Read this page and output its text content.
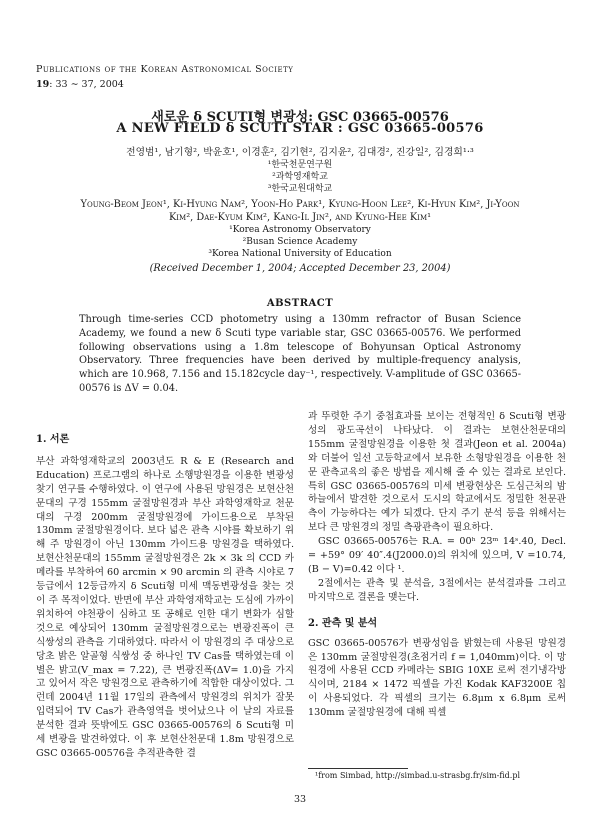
Publications of the Korean Astronomical Society
19: 33 ∼ 37, 2004
새로운 δ SCUTI형 변광성: GSC 03665-00576
A NEW FIELD δ SCUTI STAR : GSC 03665-00576
전영범¹, 남기형², 박윤호¹, 이경훈², 김기현², 김지윤², 김대경², 진강일², 김경희¹·³
¹한국천문연구원
²과학영재학교
³한국교원대학교
Young-Beom Jeon¹, Ki-Hyung Nam², Yoon-Ho Park¹, Kyung-Hoon Lee², Ki-Hyun Kim², Ji-Yoon
Kim², Dae-Kyum Kim², Kang-Il Jin², and Kyung-Hee Kim¹
¹Korea Astronomy Observatory
²Busan Science Academy
³Korea National University of Education
(Received December 1, 2004; Accepted December 23, 2004)
ABSTRACT
Through time-series CCD photometry using a 130mm refractor of Busan Science Academy, we found a new δ Scuti type variable star, GSC 03665-00576. We performed following observations using a 1.8m telescope of Bohyunsan Optical Astronomy Observatory. Three frequencies have been derived by multiple-frequency analysis, which are 10.968, 7.156 and 15.182cycle day⁻¹, respectively. V-amplitude of GSC 03665-00576 is ΔV = 0.04.
1. 서론

부산 과학영재학교의 2003년도 R & E (Research and Education) 프로그램의 하나로 소행망원경을 이용한 변광성 찾기 연구를 수행하였다. 이 연구에 사용된 망원경은 보현산천문대의 구경 155mm 굴절망원경과 부산 과학영재학교 천문대의 구경 200mm 굴절망원경에 가이드용으로 부착된 130mm 굴절망원경이다. 보다 넓은 관측 시야를 확보하기 위해 주 망원경이 아닌 130mm 가이드용 망원경을 택하였다. 보현산천문대의 155mm 굴절망원경은 2k × 3k 의 CCD 카메라를 부착하여 60 arcmin × 90 arcmin 의 관측 시야로 7등급에서 12등급까지 δ Scuti형 미세 맥동변광성을 찾는 것이 주 목적이었다. 반면에 부산 과학영재학교는 도심에 가까이 위치하여 야천광이 심하고 또 공해로 인한 대기 변화가 심할 것으로 예상되어 130mm 굴절망원경으로는 변광진폭이 큰 식쌍성의 관측을 기대하였다. 따라서 이 망원경의 주 대상으로 당초 밝은 알골형 식쌍성 중 하나인 TV Cas를 택하였는데 이 별은 밝고(V_max = 7.22), 큰 변광진폭(ΔV= 1.0)을 가지고 있어서 작은 망원경으로 관측하기에 적합한 대상이었다. 그런데 2004년 11월 17일의 관측에서 망원경의 위치가 잘못 입력되어 TV Cas가 관측영역을 벗어났으나 이 날의 자료를 분석한 결과 뜻밖에도 GSC 03665-00576의 δ Scuti형 미세 변광을 발견하였다. 이 후 보현산천문대 1.8m 망원경으로 GSC 03665-00576을 추적관측한 결

과 뚜렷한 주기 중첩효과를 보이는 전형적인 δ Scuti형 변광성의 광도곡선이 나타났다. 이 결과는 보현산천문대의 155mm 굴절망원경을 이용한 첫 결과(Jeon et al. 2004a)와 더불어 일선 고등학교에서 보유한 소형망원경을 이용한 천문 관측교육의 좋은 방법을 제시해 줄 수 있는 결과로 보인다. 특히 GSC 03665-00576의 미세 변광현상은 도심근처의 밤하늘에서 발견한 것으로서 도시의 학교에서도 정밀한 천문관측이 가능하다는 예가 되겠다. 단지 주기 분석 등을 위해서는 보다 큰 망원경의 정밀 측광관측이 필요하다.

GSC 03665-00576는 R.A. = 00ʰ 23ᵐ 14ˢ.40, Decl. = +59° 09′ 40″.4(J2000.0)의 위치에 있으며, V =10.74, (B − V)=0.42 이다 ¹.

2절에서는 관측 및 분석을, 3절에서는 분석결과를 그리고 마지막으로 결론을 맺는다.

2. 관측 및 분석

GSC 03665-00576가 변광성임을 밝혔는데 사용된 망원경은 130mm 굴절망원경(초점거리 f = 1,040mm)이다. 이 망원경에 사용된 CCD 카메라는 SBIG 10XE 로써 전기냉각방식이며, 2184 × 1472 픽셀을 가진 Kodak KAF3200E 칩이 사용되었다. 각 픽셀의 크기는 6.8μm x 6.8μm 로써 130mm 굴절망원경에 대해 픽셀

¹from Simbad, http://simbad.u-strasbg.fr/sim-fid.pl
33
